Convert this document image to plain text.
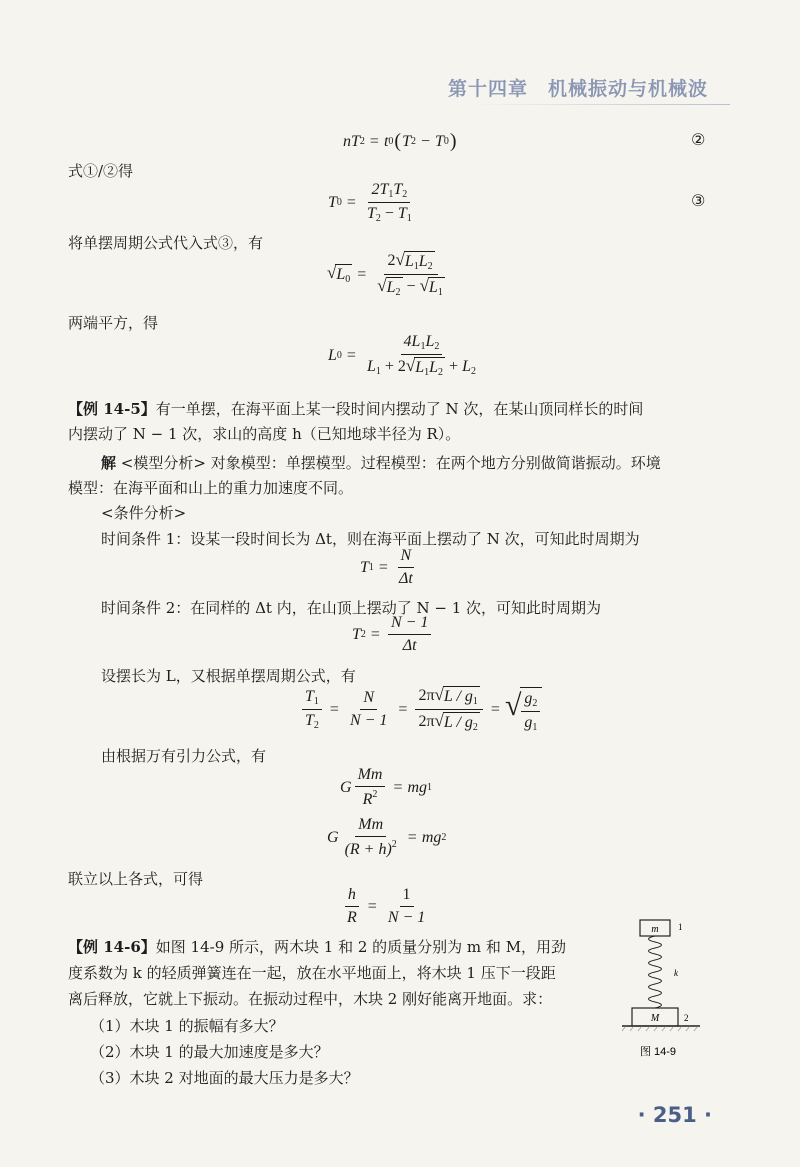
第十四章　机械振动与机械波
nT 2 = t 0 ( T 2 − T 0 )	②
式①/②得
T $0 = \frac{2T_1T_2}{T_2 - T_1}$	③
将单摆周期公式代入式③，有
√ $L_0 = \frac{2 √ L_1L_2}{√ L_2 - √ L_1}$
两端平方，得
L $0 = \frac{4L_1L_2}{L_1 + 2 √ L_1L_2 + L_2}$
【例 14-5】有一单摆，在海平面上某一段时间内摆动了 N 次，在某山顶同样长的时间
内摆动了 N − 1 次，求山的高度 h（已知地球半径为 R）。
解 <模型分析> 对象模型：单摆模型。过程模型：在两个地方分别做简谐振动。环境
模型：在海平面和山上的重力加速度不同。
<条件分析>
时间条件 1：设某一段时间长为 Δt，则在海平面上摆动了 N 次，可知此时周期为
T $1 = \frac{N}{\Delta t}$
时间条件 2：在同样的 Δt 内，在山顶上摆动了 N − 1 次，可知此时周期为
T $2 = \frac{N - 1}{\Delta t}$
设摆长为 L，又根据单摆周期公式，有
$\frac{T_1}{T_2} = \frac{N}{N - 1} = \frac{2\pi √ L / g_1}{2\pi √ L / g_2}$ = √ $\frac{g_2}{g_1}$
由根据万有引力公式，有
G $\frac{Mm}{R^2}$ = mg 1
G $\frac{Mm}{(R + h)^2}$ = mg 2
联立以上各式，可得
$\frac{h}{R} = \frac{1}{N - 1}$
【例 14-6】如图 14-9 所示，两木块 1 和 2 的质量分别为 m 和 M，用劲
度系数为 k 的轻质弹簧连在一起，放在水平地面上，将木块 1 压下一段距
离后释放，它就上下振动。在振动过程中，木块 2 刚好能离开地面。求：
（1）木块 1 的振幅有多大？
（2）木块 1 的最大加速度是多大？
（3）木块 2 对地面的最大压力是多大？
m 1
k
M	2
图 14-9
· 251 ·
